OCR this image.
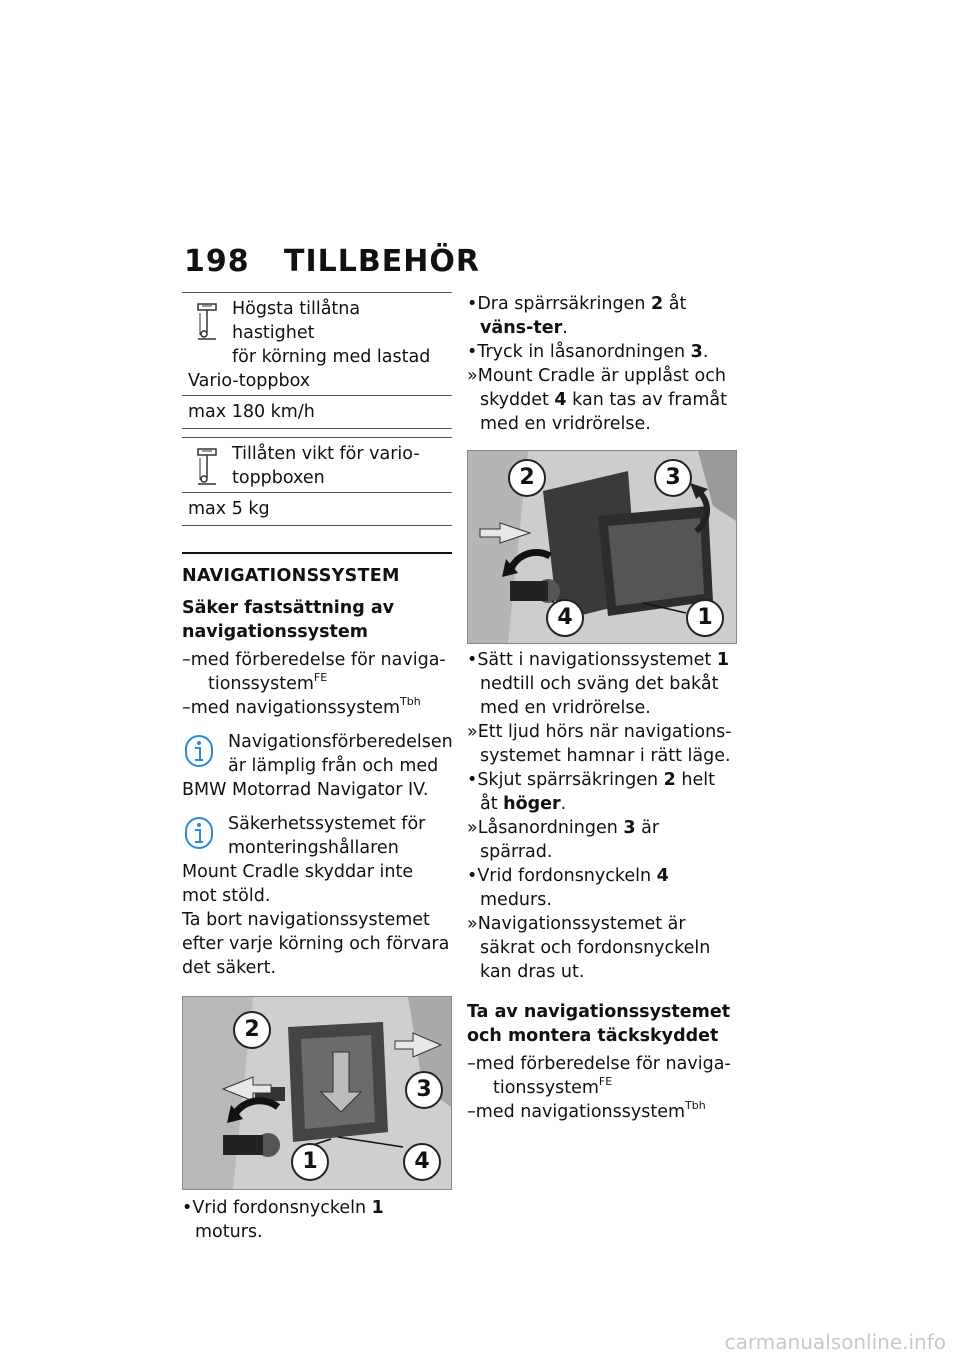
198 TILLBEHÖR
Högsta tillåtna hastighet
för körning med lastad

Vario-toppbox
max 180 km/h
Tillåten vikt för vario-
toppboxen
max 5 kg
NAVIGATIONSSYSTEM
Säker fastsättning av
navigationssystem

–med förberedelse för naviga-
tionssystem$^{FE}$

–med navigationssystem$^{Tbh}$

Navigationsförberedelsen
är lämplig från och med
BMW Motorrad Navigator IV.
Säkerhetssystemet för
monteringshållaren
Mount Cradle skyddar inte mot stöld.
Ta bort navigationssystemet efter varje körning och förvara det säkert.
2
3
1	4

•Vrid fordonsnyckeln 1 moturs.

•Dra spärrsäkringen 2 åt väns-ter.

•Tryck in låsanordningen 3.

»Mount Cradle är upplåst och skyddet 4 kan tas av framåt med en vridrörelse.

2	3
4	1

•Sätt i navigationssystemet 1 nedtill och sväng det bakåt med en vridrörelse.

»Ett ljud hörs när navigations-systemet hamnar i rätt läge.

•Skjut spärrsäkringen 2 helt åt höger.

»Låsanordningen 3 är spärrad.

•Vrid fordonsnyckeln 4 medurs.

»Navigationssystemet är säkrat och fordonsnyckeln kan dras ut.

Ta av navigationssystemet
och montera täckskyddet

–med förberedelse för naviga-
tionssystem$^{FE}$

–med navigationssystem$^{Tbh}$

carmanualsonline.info
